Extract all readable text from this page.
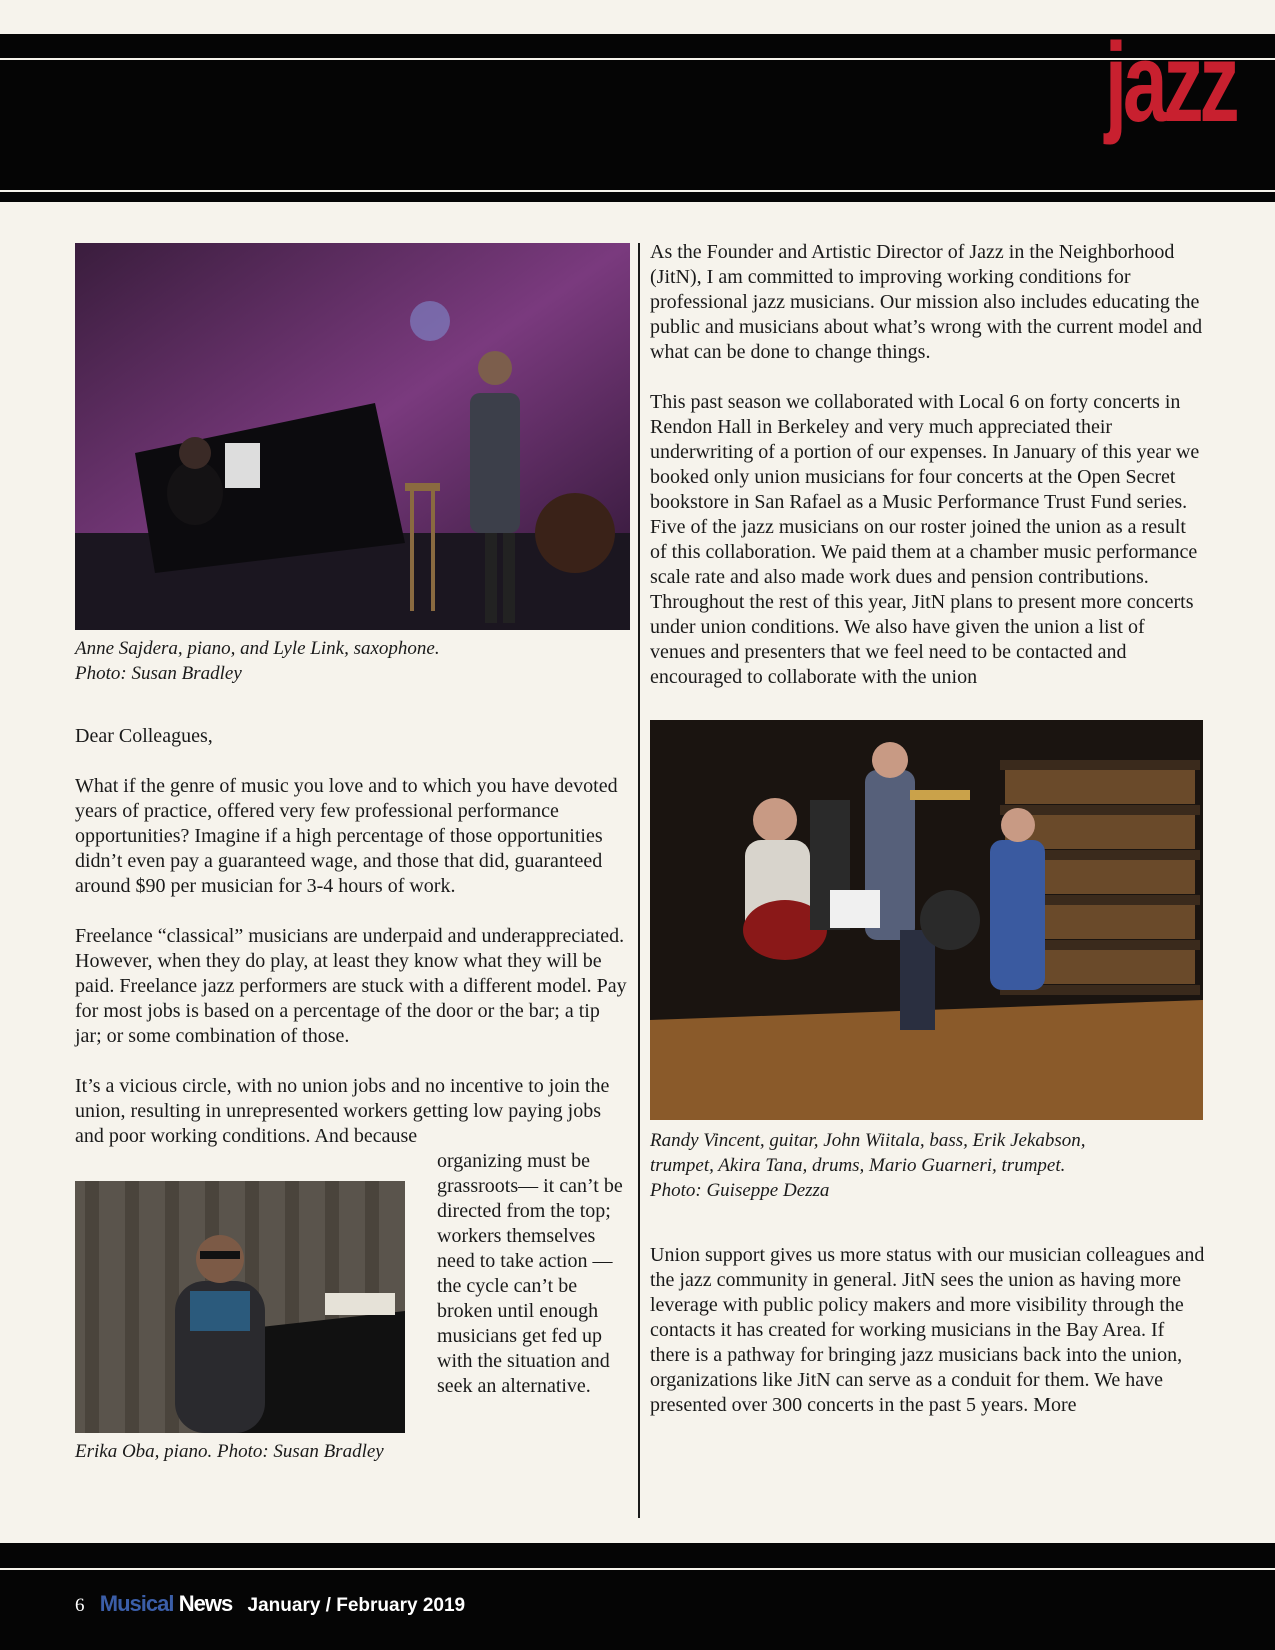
jazz

Anne Sajdera, piano, and Lyle Link, saxophone.
Photo: Susan Bradley

Dear Colleagues,

What if the genre of music you love and to which you have devoted years of practice, offered very few professional performance opportunities? Imagine if a high percentage of those opportunities didn’t even pay a guaranteed wage, and those that did, guaranteed around $90 per musician for 3-4 hours of work.

Freelance “classical” musicians are underpaid and underappreciated. However, when they do play, at least they know what they will be paid. Freelance jazz performers are stuck with a different model. Pay for most jobs is based on a percentage of the door or the bar; a tip jar; or some combination of those.

It’s a vicious circle, with no union jobs and no incentive to join the union, resulting in unrepresented workers getting low paying jobs and poor working conditions. And because

organizing must be grassroots— it can’t be directed from the top; workers themselves need to take action — the cycle can’t be broken until enough musicians get fed up with the situation and seek an alternative.

Erika Oba, piano. Photo: Susan Bradley

As the Founder and Artistic Director of Jazz in the Neighborhood (JitN), I am committed to improving working conditions for professional jazz musicians. Our mission also includes educating the public and musicians about what’s wrong with the current model and what can be done to change things.

This past season we collaborated with Local 6 on forty concerts in Rendon Hall in Berkeley and very much appreciated their underwriting of a portion of our expenses. In January of this year we booked only union musicians for four concerts at the Open Secret bookstore in San Rafael as a Music Performance Trust Fund series. Five of the jazz musicians on our roster joined the union as a result of this collaboration. We paid them at a chamber music performance scale rate and also made work dues and pension contributions. Throughout the rest of this year, JitN plans to present more concerts under union conditions. We also have given the union a list of venues and presenters that we feel need to be contacted and encouraged to collaborate with the union

Randy Vincent, guitar, John Wiitala, bass, Erik Jekabson,
trumpet, Akira Tana, drums, Mario Guarneri, trumpet.
Photo: Guiseppe Dezza

Union support gives us more status with our musician colleagues and the jazz community in general. JitN sees the union as having more leverage with public policy makers and more visibility through the contacts it has created for working musicians in the Bay Area. If there is a pathway for bringing jazz musicians back into the union, organizations like JitN can serve as a conduit for them. We have presented over 300 concerts in the past 5 years. More

6 Musical News January / February 2019
